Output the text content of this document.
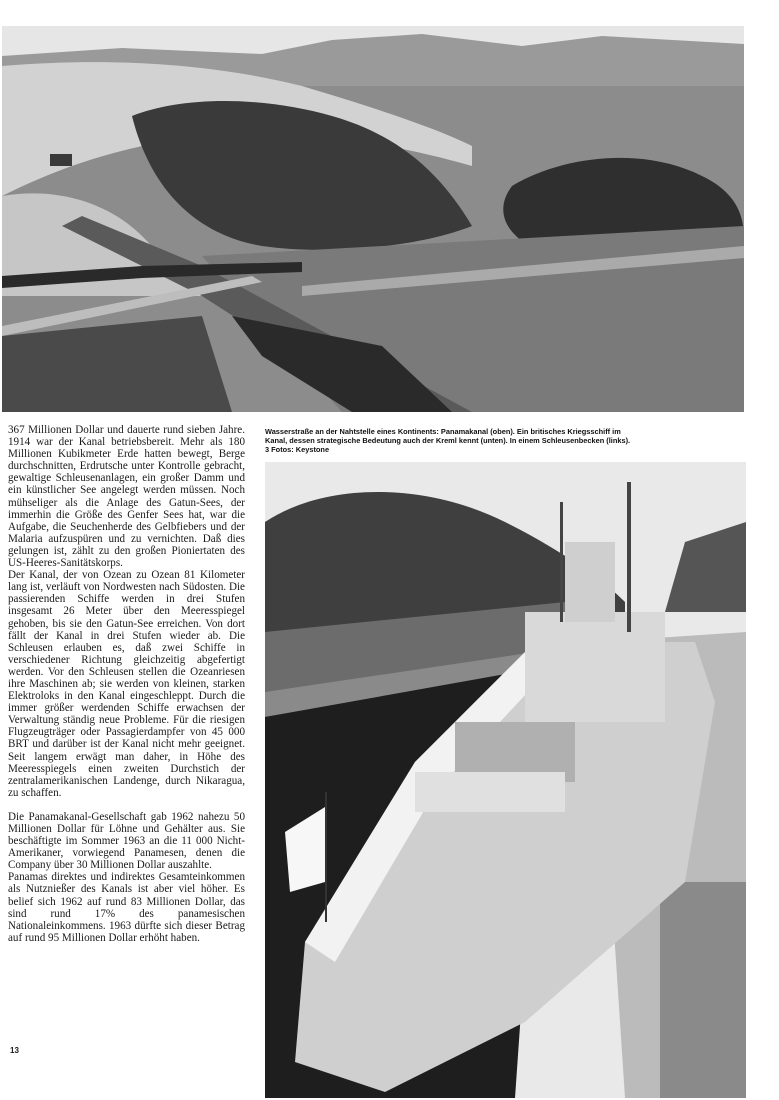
Wasserstraße an der Nahtstelle eines Kontinents: Panamakanal (oben). Ein britisches Kriegsschiff im
Kanal, dessen strategische Bedeutung auch der Kreml kennt (unten). In einem Schleusenbecken (links).
3 Fotos: Keystone

367 Millionen Dollar und dauerte rund sieben Jahre. 1914 war der Kanal betriebsbereit. Mehr als 180 Millionen Kubikmeter Erde hatten bewegt, Berge durchschnitten, Erdrutsche unter Kontrolle gebracht, gewaltige Schleusenanlagen, ein großer Damm und ein künstlicher See angelegt werden müssen. Noch mühseliger als die Anlage des Gatun-Sees, der immerhin die Größe des Genfer Sees hat, war die Aufgabe, die Seuchenherde des Gelbfiebers und der Malaria aufzuspüren und zu vernichten. Daß dies gelungen ist, zählt zu den großen Pioniertaten des US-Heeres-Sanitätskorps.

Der Kanal, der von Ozean zu Ozean 81 Kilometer lang ist, verläuft von Nordwesten nach Südosten. Die passierenden Schiffe werden in drei Stufen insgesamt 26 Meter über den Meeresspiegel gehoben, bis sie den Gatun-See erreichen. Von dort fällt der Kanal in drei Stufen wieder ab. Die Schleusen erlauben es, daß zwei Schiffe in verschiedener Richtung gleichzeitig abgefertigt werden. Vor den Schleusen stellen die Ozeanriesen ihre Maschinen ab; sie werden von kleinen, starken Elektroloks in den Kanal eingeschleppt. Durch die immer größer werdenden Schiffe erwachsen der Verwaltung ständig neue Probleme. Für die riesigen Flugzeugträger oder Passagierdampfer von 45 000 BRT und darüber ist der Kanal nicht mehr geeignet. Seit langem erwägt man daher, in Höhe des Meeresspiegels einen zweiten Durchstich der zentralamerikanischen Landenge, durch Nikaragua, zu schaffen.

Die Panamakanal-Gesellschaft gab 1962 nahezu 50 Millionen Dollar für Löhne und Gehälter aus. Sie beschäftigte im Sommer 1963 an die 11 000 Nicht-Amerikaner, vorwiegend Panamesen, denen die Company über 30 Millionen Dollar auszahlte.

Panamas direktes und indirektes Gesamteinkommen als Nutznießer des Kanals ist aber viel höher. Es belief sich 1962 auf rund 83 Millionen Dollar, das sind rund 17% des panamesischen Nationaleinkommens. 1963 dürfte sich dieser Betrag auf rund 95 Millionen Dollar erhöht haben.

13
